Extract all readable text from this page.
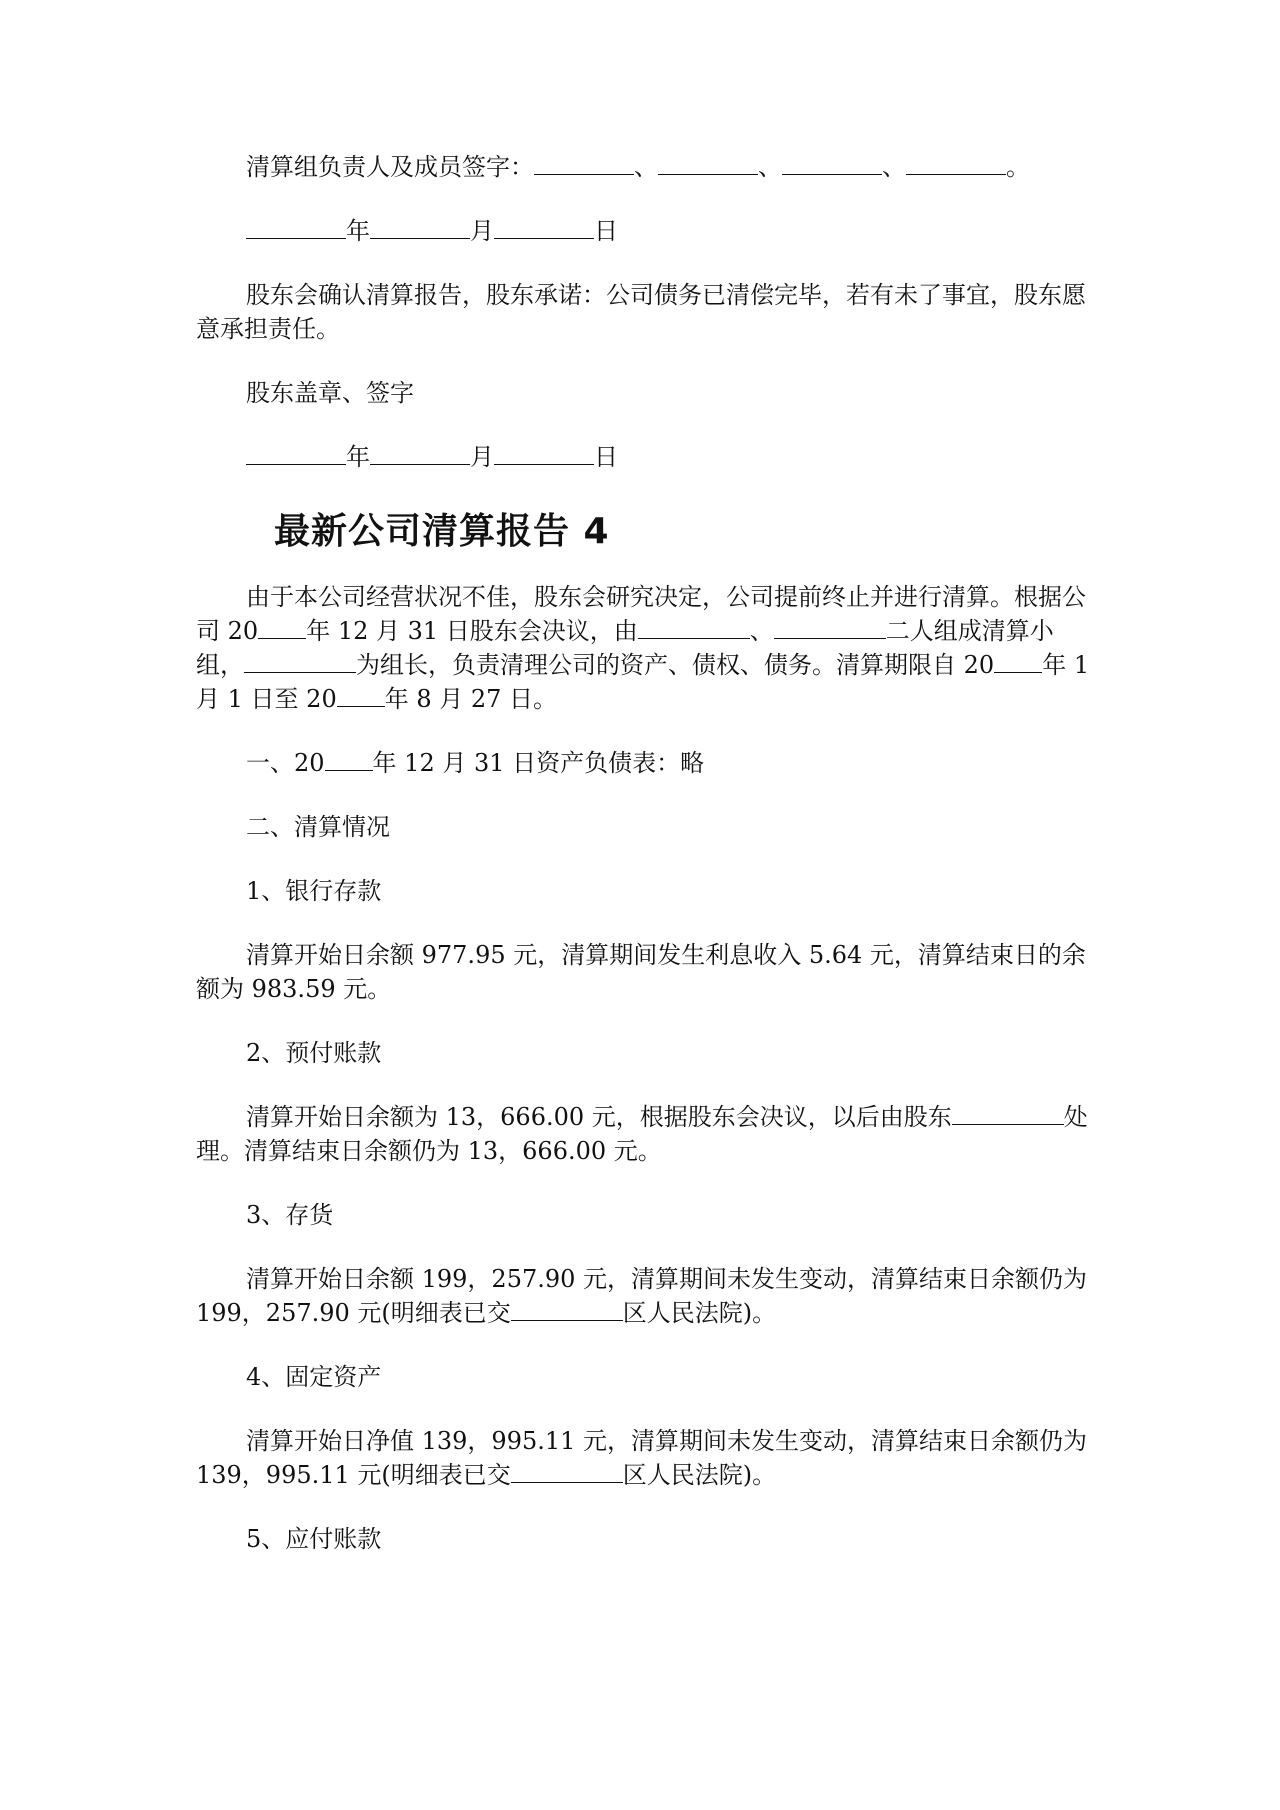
清算组负责人及成员签字：	、	、	、	。

年	月	日

股东会确认清算报告，股东承诺：公司债务已清偿完毕，若有未了事宜，股东愿意承担责任。

股东盖章、签字

年	月	日

最新公司清算报告 4

由于本公司经营状况不佳，股东会研究决定，公司提前终止并进行清算。根据公司 20 年 12 月 31 日股东会决议，由	、	二人组成清算小组，	为组长，负责清理公司的资产、债权、债务。清算期限自 20 年 1 月 1 日至 20 年 8 月 27 日。

一、20 年 12 月 31 日资产负债表：略

二、清算情况

1、银行存款

清算开始日余额 977.95 元，清算期间发生利息收入 5.64 元，清算结束日的余额为 983.59 元。

2、预付账款

清算开始日余额为 13，666.00 元，根据股东会决议，以后由股东	处理。清算结束日余额仍为 13，666.00 元。

3、存货

清算开始日余额 199，257.90 元，清算期间未发生变动，清算结束日余额仍为 199，257.90 元(明细表已交	区人民法院)。

4、固定资产

清算开始日净值 139，995.11 元，清算期间未发生变动，清算结束日余额仍为 139，995.11 元(明细表已交	区人民法院)。

5、应付账款
